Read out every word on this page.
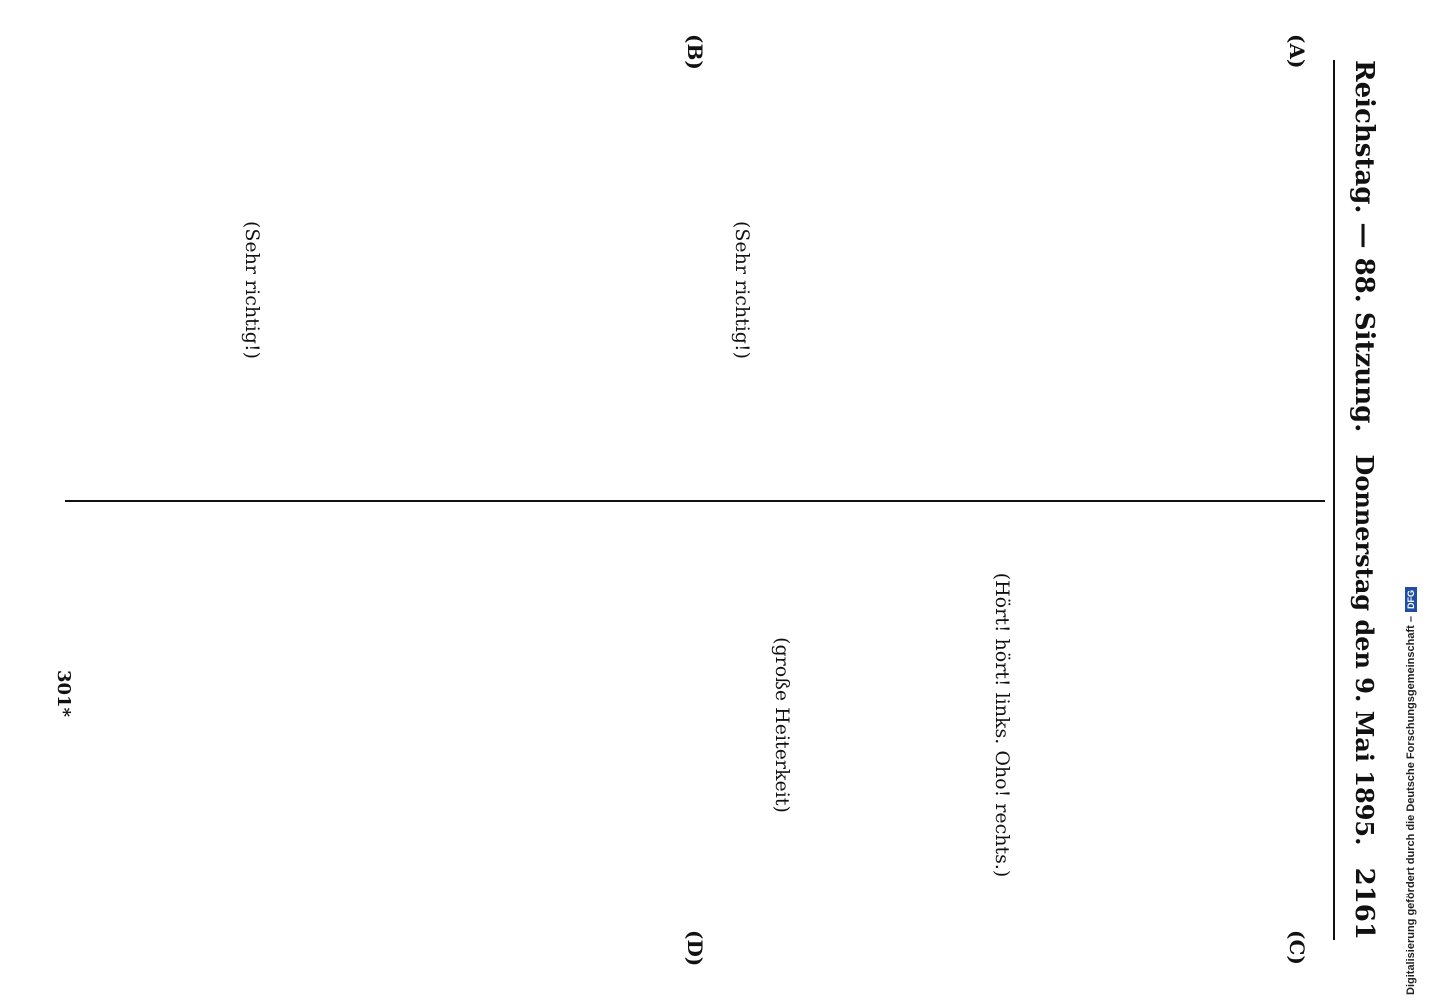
Reichstag. — 88. Sitzung.
Donnerstag den 9. Mai 1895.
2161
(A)
(B)
(C)
(D)
(Sehr richtig!)
(Sehr richtig!)
(Hört! hört! links. Oho! rechts.)
(große Heiterkeit)
301*	Digitalisierung gefördert durch die Deutsche Forschungsgemeinschaft –
DFG
